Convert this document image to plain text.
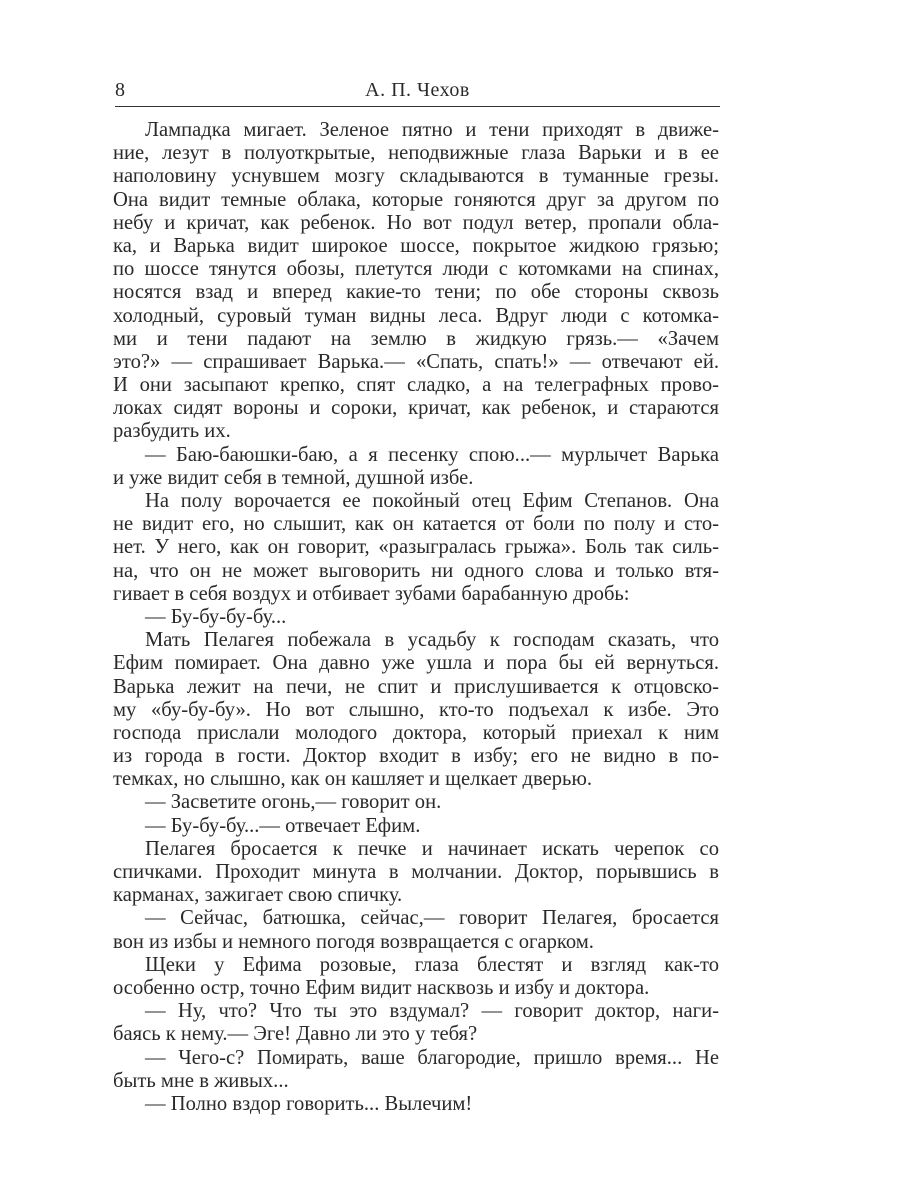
8	А. П. Чехов
Лампадка мигает. Зеленое пятно и тени приходят в движе-
ние, лезут в полуоткрытые, неподвижные глаза Варьки и в ее
наполовину уснувшем мозгу складываются в туманные грезы.
Она видит темные облака, которые гоняются друг за другом по
небу и кричат, как ребенок. Но вот подул ветер, пропали обла-
ка, и Варька видит широкое шоссе, покрытое жидкою грязью;
по шоссе тянутся обозы, плетутся люди с котомками на спинах,
носятся взад и вперед какие-то тени; по обе стороны сквозь
холодный, суровый туман видны леса. Вдруг люди с котомка-
ми и тени падают на землю в жидкую грязь.— «Зачем
это?» — спрашивает Варька.— «Спать, спать!» — отвечают ей.
И они засыпают крепко, спят сладко, а на телеграфных прово-
локах сидят вороны и сороки, кричат, как ребенок, и стараются
разбудить их.
— Баю-баюшки-баю, а я песенку спою...— мурлычет Варька
и уже видит себя в темной, душной избе.
На полу ворочается ее покойный отец Ефим Степанов. Она
не видит его, но слышит, как он катается от боли по полу и сто-
нет. У него, как он говорит, «разыгралась грыжа». Боль так силь-
на, что он не может выговорить ни одного слова и только втя-
гивает в себя воздух и отбивает зубами барабанную дробь:
— Бу-бу-бу-бу...
Мать Пелагея побежала в усадьбу к господам сказать, что
Ефим помирает. Она давно уже ушла и пора бы ей вернуться.
Варька лежит на печи, не спит и прислушивается к отцовско-
му «бу-бу-бу». Но вот слышно, кто-то подъехал к избе. Это
господа прислали молодого доктора, который приехал к ним
из города в гости. Доктор входит в избу; его не видно в по-
темках, но слышно, как он кашляет и щелкает дверью.
— Засветите огонь,— говорит он.
— Бу-бу-бу...— отвечает Ефим.
Пелагея бросается к печке и начинает искать черепок со
спичками. Проходит минута в молчании. Доктор, порывшись в
карманах, зажигает свою спичку.
— Сейчас, батюшка, сейчас,— говорит Пелагея, бросается
вон из избы и немного погодя возвращается с огарком.
Щеки у Ефима розовые, глаза блестят и взгляд как-то
особенно остр, точно Ефим видит насквозь и избу и доктора.
— Ну, что? Что ты это вздумал? — говорит доктор, наги-
баясь к нему.— Эге! Давно ли это у тебя?
— Чего-с? Помирать, ваше благородие, пришло время... Не
быть мне в живых...
— Полно вздор говорить... Вылечим!
